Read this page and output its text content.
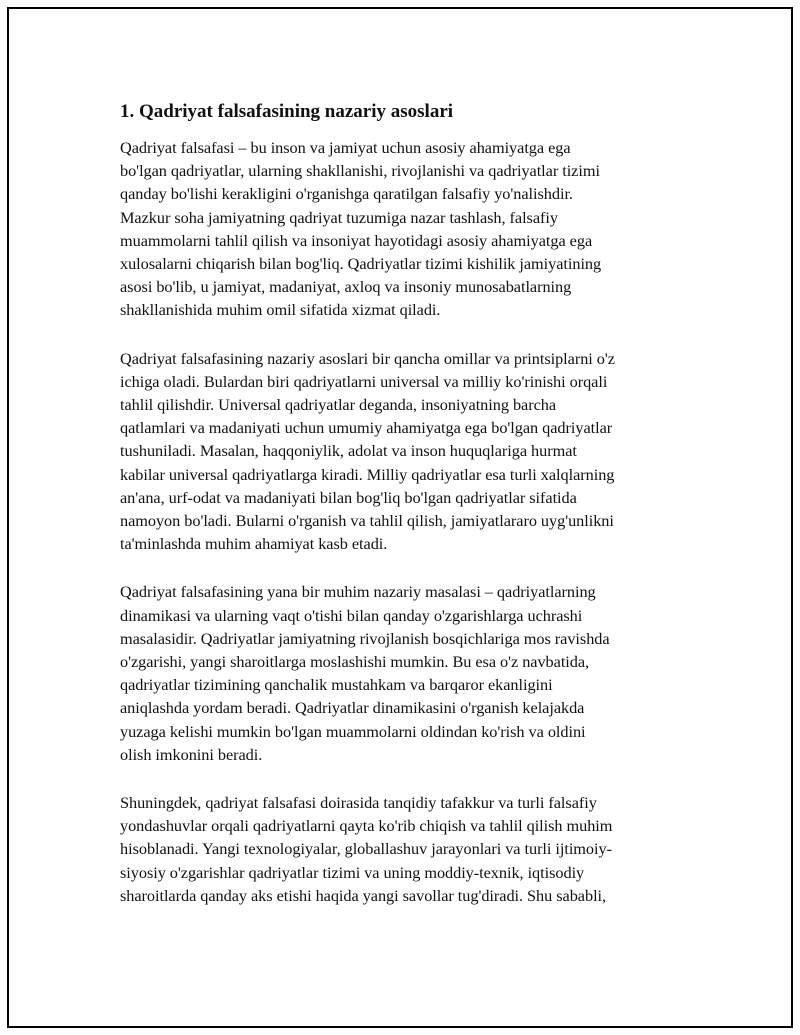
1. Qadriyat falsafasining nazariy asoslari

Qadriyat falsafasi – bu inson va jamiyat uchun asosiy ahamiyatga ega
bo'lgan qadriyatlar, ularning shakllanishi, rivojlanishi va qadriyatlar tizimi
qanday bo'lishi kerakligini o'rganishga qaratilgan falsafiy yo'nalishdir.
Mazkur soha jamiyatning qadriyat tuzumiga nazar tashlash, falsafiy
muammolarni tahlil qilish va insoniyat hayotidagi asosiy ahamiyatga ega
xulosalarni chiqarish bilan bog'liq. Qadriyatlar tizimi kishilik jamiyatining
asosi bo'lib, u jamiyat, madaniyat, axloq va insoniy munosabatlarning
shakllanishida muhim omil sifatida xizmat qiladi.

Qadriyat falsafasining nazariy asoslari bir qancha omillar va printsiplarni o'z
ichiga oladi. Bulardan biri qadriyatlarni universal va milliy ko'rinishi orqali
tahlil qilishdir. Universal qadriyatlar deganda, insoniyatning barcha
qatlamlari va madaniyati uchun umumiy ahamiyatga ega bo'lgan qadriyatlar
tushuniladi. Masalan, haqqoniylik, adolat va inson huquqlariga hurmat
kabilar universal qadriyatlarga kiradi. Milliy qadriyatlar esa turli xalqlarning
an'ana, urf-odat va madaniyati bilan bog'liq bo'lgan qadriyatlar sifatida
namoyon bo'ladi. Bularni o'rganish va tahlil qilish, jamiyatlararo uyg'unlikni
ta'minlashda muhim ahamiyat kasb etadi.

Qadriyat falsafasining yana bir muhim nazariy masalasi – qadriyatlarning
dinamikasi va ularning vaqt o'tishi bilan qanday o'zgarishlarga uchrashi
masalasidir. Qadriyatlar jamiyatning rivojlanish bosqichlariga mos ravishda
o'zgarishi, yangi sharoitlarga moslashishi mumkin. Bu esa o'z navbatida,
qadriyatlar tizimining qanchalik mustahkam va barqaror ekanligini
aniqlashda yordam beradi. Qadriyatlar dinamikasini o'rganish kelajakda
yuzaga kelishi mumkin bo'lgan muammolarni oldindan ko'rish va oldini
olish imkonini beradi.

Shuningdek, qadriyat falsafasi doirasida tanqidiy tafakkur va turli falsafiy
yondashuvlar orqali qadriyatlarni qayta ko'rib chiqish va tahlil qilish muhim
hisoblanadi. Yangi texnologiyalar, globallashuv jarayonlari va turli ijtimoiy-
siyosiy o'zgarishlar qadriyatlar tizimi va uning moddiy-texnik, iqtisodiy
sharoitlarda qanday aks etishi haqida yangi savollar tug'diradi. Shu sababli,
